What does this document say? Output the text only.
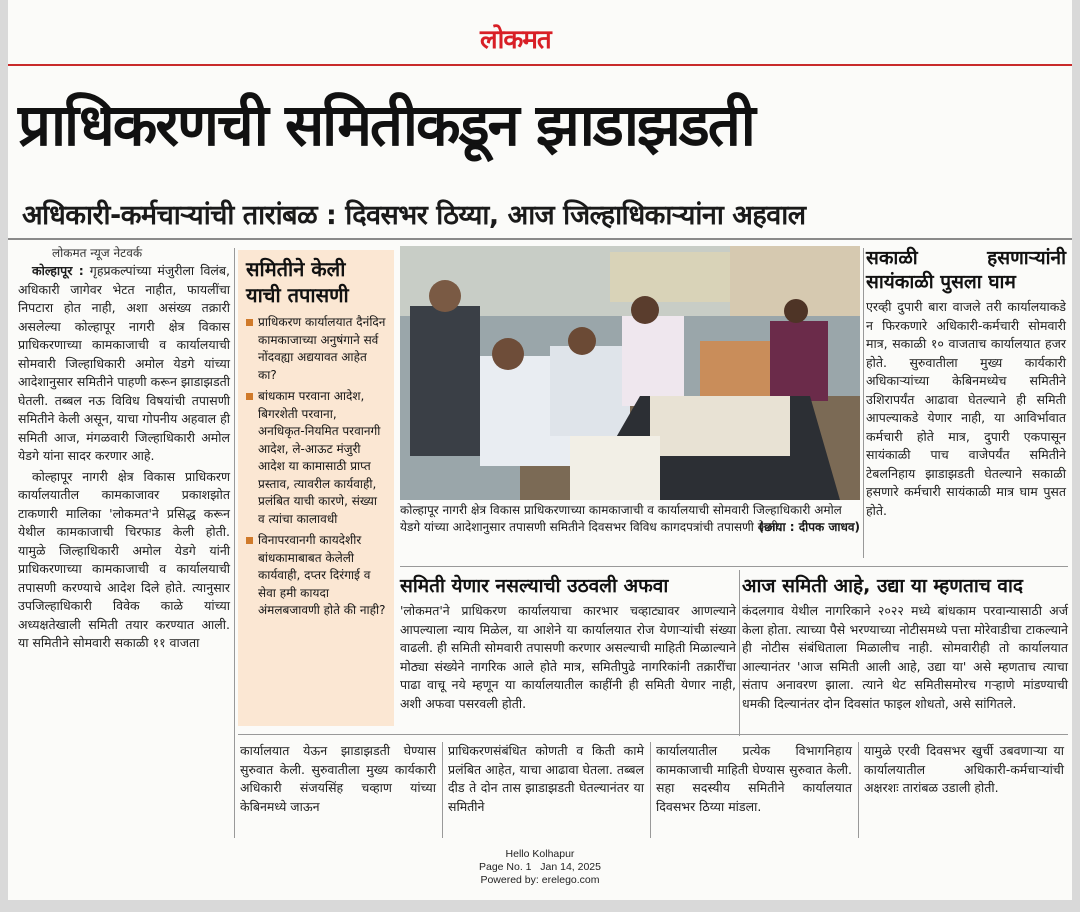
लोकमत
प्राधिकरणची समितीकडून झाडाझडती
अधिकारी-कर्मचाऱ्यांची तारांबळ : दिवसभर ठिय्या, आज जिल्हाधिकाऱ्यांना अहवाल
लोकमत न्यूज नेटवर्क

कोल्हापूर : गृहप्रकल्पांच्या मंजुरीला विलंब, अधिकारी जागेवर भेटत नाहीत, फायलींचा निपटारा होत नाही, अशा असंख्य तक्रारी असलेल्या कोल्हापूर नागरी क्षेत्र विकास प्राधिकरणाच्या कामकाजाची व कार्यालयाची सोमवारी जिल्हाधिकारी अमोल येडगे यांच्या आदेशानुसार समितीने पाहणी करून झाडाझडती घेतली. तब्बल नऊ विविध विषयांची तपासणी समितीने केली असून, याचा गोपनीय अहवाल ही समिती आज, मंगळवारी जिल्हाधिकारी अमोल येडगे यांना सादर करणार आहे.

कोल्हापूर नागरी क्षेत्र विकास प्राधिकरण कार्यालयातील कामकाजावर प्रकाशझोत टाकणारी मालिका 'लोकमत'ने प्रसिद्ध करून येथील कामकाजाची चिरफाड केली होती. यामुळे जिल्हाधिकारी अमोल येडगे यांनी प्राधिकरणाच्या कामकाजाची व कार्यालयाची तपासणी करण्याचे आदेश दिले होते. त्यानुसार उपजिल्हाधिकारी विवेक काळे यांच्या अध्यक्षतेखाली समिती तयार करण्यात आली. या समितीने सोमवारी सकाळी ११ वाजता

समितीने केली याची तपासणी
प्राधिकरण कार्यालयात दैनंदिन कामकाजाच्या अनुषंगाने सर्व नोंदवह्या अद्ययावत आहेत का?
बांधकाम परवाना आदेश, बिगरशेती परवाना, अनधिकृत-नियमित परवानगी आदेश, ले-आऊट मंजुरी आदेश या कामासाठी प्राप्त प्रस्ताव, त्यावरील कार्यवाही, प्रलंबित याची कारणे, संख्या व त्यांचा कालावधी
विनापरवानगी कायदेशीर बांधकामाबाबत केलेली कार्यवाही, दप्तर दिरंगाई व सेवा हमी कायदा अंमलबजावणी होते की नाही?
कोल्हापूर नागरी क्षेत्र विकास प्राधिकरणाच्या कामकाजाची व कार्यालयाची सोमवारी जिल्हाधिकारी अमोल येडगे यांच्या आदेशानुसार तपासणी समितीने दिवसभर विविध कागदपत्रांची तपासणी केली.
(छाया : दीपक जाधव)
सकाळी हसणाऱ्यांनी सायंकाळी पुसला घाम
एरव्ही दुपारी बारा वाजले तरी कार्यालयाकडे न फिरकणारे अधिकारी-कर्मचारी सोमवारी मात्र, सकाळी १० वाजताच कार्यालयात हजर होते. सुरुवातीला मुख्य कार्यकारी अधिकाऱ्यांच्या केबिनमध्येच समितीने उशिरापर्यंत आढावा घेतल्याने ही समिती आपल्याकडे येणार नाही, या आविर्भावात कर्मचारी होते मात्र, दुपारी एकपासून सायंकाळी पाच वाजेपर्यंत समितीने टेबलनिहाय झाडाझडती घेतल्याने सकाळी हसणारे कर्मचारी सायंकाळी मात्र घाम पुसत होते.
समिती येणार नसल्याची उठवली अफवा
'लोकमत'ने प्राधिकरण कार्यालयाचा कारभार चव्हाट्यावर आणल्याने आपल्याला न्याय मिळेल, या आशेने या कार्यालयात रोज येणाऱ्यांची संख्या वाढली. ही समिती सोमवारी तपासणी करणार असल्याची माहिती मिळाल्याने मोठ्या संख्येने नागरिक आले होते मात्र, समितीपुढे नागरिकांनी तक्रारींचा पाढा वाचू नये म्हणून या कार्यालयातील काहींनी ही समिती येणार नाही, अशी अफवा पसरवली होती.
आज समिती आहे, उद्या या म्हणताच वाद
कंदलगाव येथील नागरिकाने २०२२ मध्ये बांधकाम परवान्यासाठी अर्ज केला होता. त्याच्या पैसे भरण्याच्या नोटीसमध्ये पत्ता मोरेवाडीचा टाकल्याने ही नोटीस संबंधिताला मिळालीच नाही. सोमवारीही तो कार्यालयात आल्यानंतर 'आज समिती आली आहे, उद्या या' असे म्हणताच त्याचा संताप अनावरण झाला. त्याने थेट समितीसमोरच गऱ्हाणे मांडण्याची धमकी दिल्यानंतर दोन दिवसांत फाइल शोधतो, असे सांगितले.
कार्यालयात येऊन झाडाझडती घेण्यास सुरुवात केली. सुरुवातीला मुख्य कार्यकारी अधिकारी संजयसिंह चव्हाण यांच्या केबिनमध्ये जाऊन
प्राधिकरणसंबंधित कोणती व किती कामे प्रलंबित आहेत, याचा आढावा घेतला. तब्बल दीड ते दोन तास झाडाझडती घेतल्यानंतर या समितीने
कार्यालयातील प्रत्येक विभागनिहाय कामकाजाची माहिती घेण्यास सुरुवात केली. सहा सदस्यीय समितीने कार्यालयात दिवसभर ठिय्या मांडला.
यामुळे एरवी दिवसभर खुर्ची उबवणाऱ्या या कार्यालयातील अधिकारी-कर्मचाऱ्यांची अक्षरशः तारांबळ उडाली होती.
Hello Kolhapur
Page No. 1   Jan 14, 2025
Powered by: erelego.com
